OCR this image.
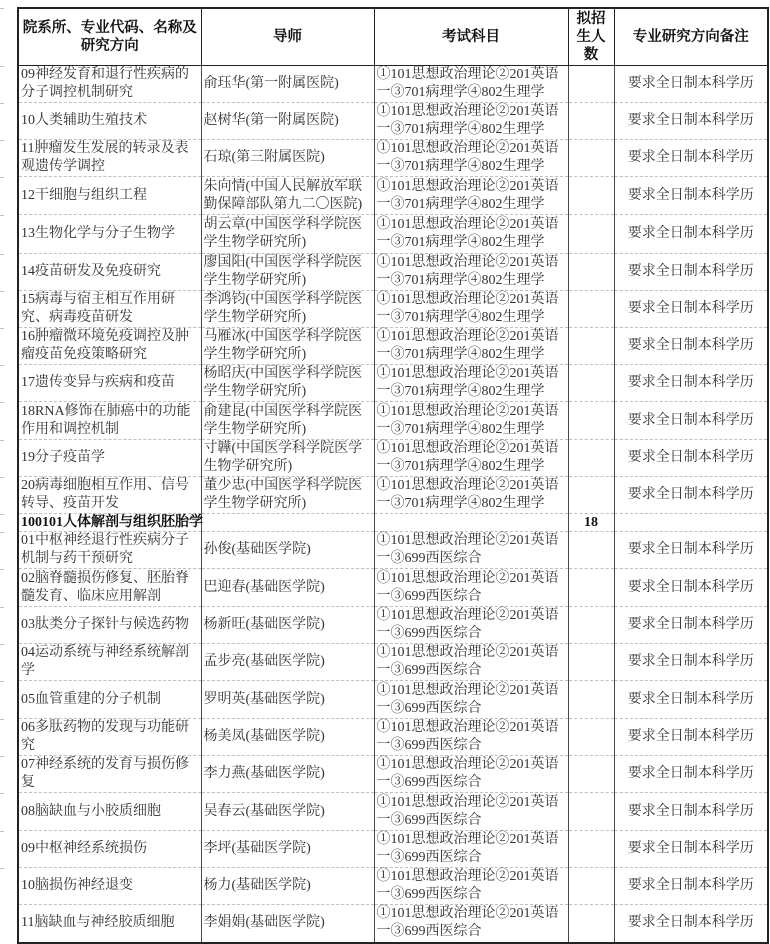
院系所、专业代码、名称及研究方向	导师	考试科目	拟招生人数	专业研究方向备注
09神经发育和退行性疾病的分子调控机制研究	俞珏华(第一附属医院)	①101思想政治理论②201英语一③701病理学④802生理学		要求全日制本科学历
10人类辅助生殖技术	赵树华(第一附属医院)	①101思想政治理论②201英语一③701病理学④802生理学		要求全日制本科学历
11肿瘤发生发展的转录及表观遗传学调控	石琼(第三附属医院)	①101思想政治理论②201英语一③701病理学④802生理学		要求全日制本科学历
12干细胞与组织工程	朱向情(中国人民解放军联勤保障部队第九二〇医院)	①101思想政治理论②201英语一③701病理学④802生理学		要求全日制本科学历
13生物化学与分子生物学	胡云章(中国医学科学院医学生物学研究所)	①101思想政治理论②201英语一③701病理学④802生理学		要求全日制本科学历
14疫苗研发及免疫研究	廖国阳(中国医学科学院医学生物学研究所)	①101思想政治理论②201英语一③701病理学④802生理学		要求全日制本科学历
15病毒与宿主相互作用研究、病毒疫苗研发	李鸿钧(中国医学科学院医学生物学研究所)	①101思想政治理论②201英语一③701病理学④802生理学		要求全日制本科学历
16肿瘤微环境免疫调控及肿瘤疫苗免疫策略研究	马雁冰(中国医学科学院医学生物学研究所)	①101思想政治理论②201英语一③701病理学④802生理学		要求全日制本科学历
17遗传变异与疾病和疫苗	杨昭庆(中国医学科学院医学生物学研究所)	①101思想政治理论②201英语一③701病理学④802生理学		要求全日制本科学历
18RNA修饰在肺癌中的功能作用和调控机制	俞建昆(中国医学科学院医学生物学研究所)	①101思想政治理论②201英语一③701病理学④802生理学		要求全日制本科学历
19分子疫苗学	寸韡(中国医学科学院医学生物学研究所)	①101思想政治理论②201英语一③701病理学④802生理学		要求全日制本科学历
20病毒细胞相互作用、信号转导、疫苗开发	董少忠(中国医学科学院医学生物学研究所)	①101思想政治理论②201英语一③701病理学④802生理学		要求全日制本科学历
100101人体解剖与组织胚胎学			18	
01中枢神经退行性疾病分子机制与药干预研究	孙俊(基础医学院)	①101思想政治理论②201英语一③699西医综合		要求全日制本科学历
02脑脊髓损伤修复、胚胎脊髓发育、临床应用解剖	巴迎春(基础医学院)	①101思想政治理论②201英语一③699西医综合		要求全日制本科学历
03肽类分子探针与候选药物	杨新旺(基础医学院)	①101思想政治理论②201英语一③699西医综合		要求全日制本科学历
04运动系统与神经系统解剖学	孟步亮(基础医学院)	①101思想政治理论②201英语一③699西医综合		要求全日制本科学历
05血管重建的分子机制	罗明英(基础医学院)	①101思想政治理论②201英语一③699西医综合		要求全日制本科学历
06多肽药物的发现与功能研究	杨美凤(基础医学院)	①101思想政治理论②201英语一③699西医综合		要求全日制本科学历
07神经系统的发育与损伤修复	李力燕(基础医学院)	①101思想政治理论②201英语一③699西医综合		要求全日制本科学历
08脑缺血与小胶质细胞	吴春云(基础医学院)	①101思想政治理论②201英语一③699西医综合		要求全日制本科学历
09中枢神经系统损伤	李坪(基础医学院)	①101思想政治理论②201英语一③699西医综合		要求全日制本科学历
10脑损伤神经退变	杨力(基础医学院)	①101思想政治理论②201英语一③699西医综合		要求全日制本科学历
11脑缺血与神经胶质细胞	李娟娟(基础医学院)	①101思想政治理论②201英语一③699西医综合		要求全日制本科学历
